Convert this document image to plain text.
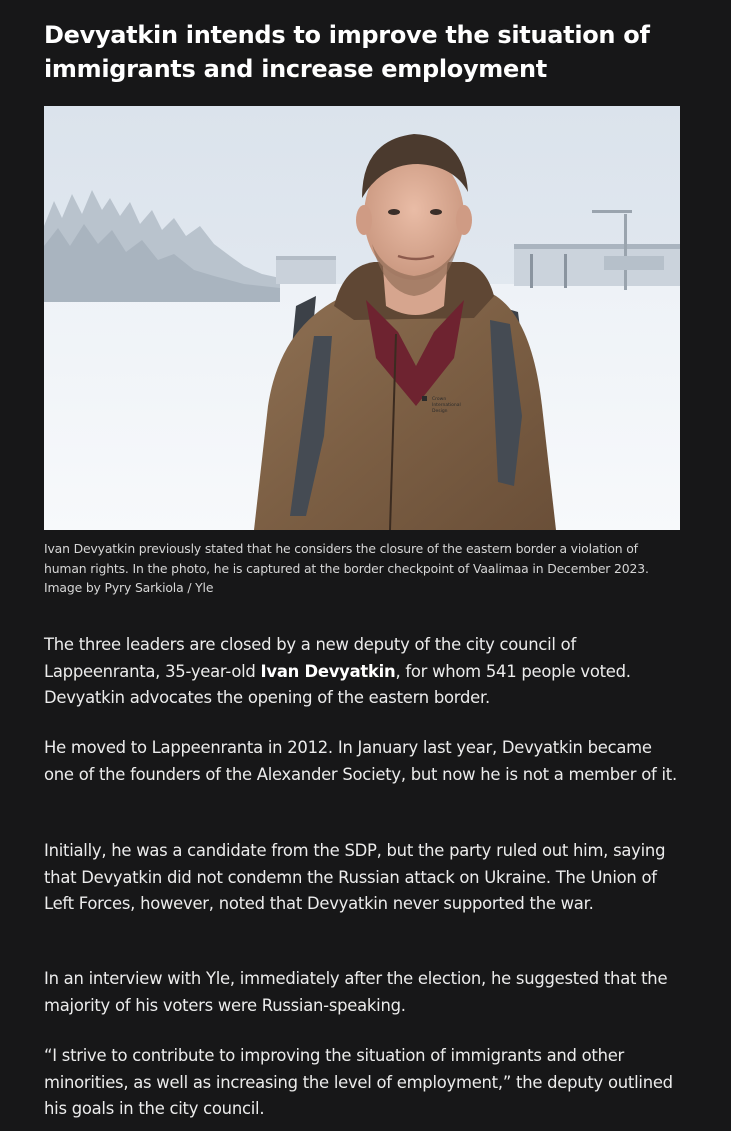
Devyatkin intends to improve the situation of immigrants and increase employment
Crown
International
Design

Ivan Devyatkin previously stated that he considers the closure of the eastern border a violation of human rights. In the photo, he is captured at the border checkpoint of Vaalimaa in December 2023. Image by Pyry Sarkiola / Yle

The three leaders are closed by a new deputy of the city council of Lappeenranta, 35-year-old Ivan Devyatkin, for whom 541 people voted. Devyatkin advocates the opening of the eastern border.

He moved to Lappeenranta in 2012. In January last year, Devyatkin became one of the founders of the Alexander Society, but now he is not a member of it.

Initially, he was a candidate from the SDP, but the party ruled out him, saying that Devyatkin did not condemn the Russian attack on Ukraine. The Union of Left Forces, however, noted that Devyatkin never supported the war.

In an interview with Yle, immediately after the election, he suggested that the majority of his voters were Russian-speaking.

“I strive to contribute to improving the situation of immigrants and other minorities, as well as increasing the level of employment,” the deputy outlined his goals in the city council.
